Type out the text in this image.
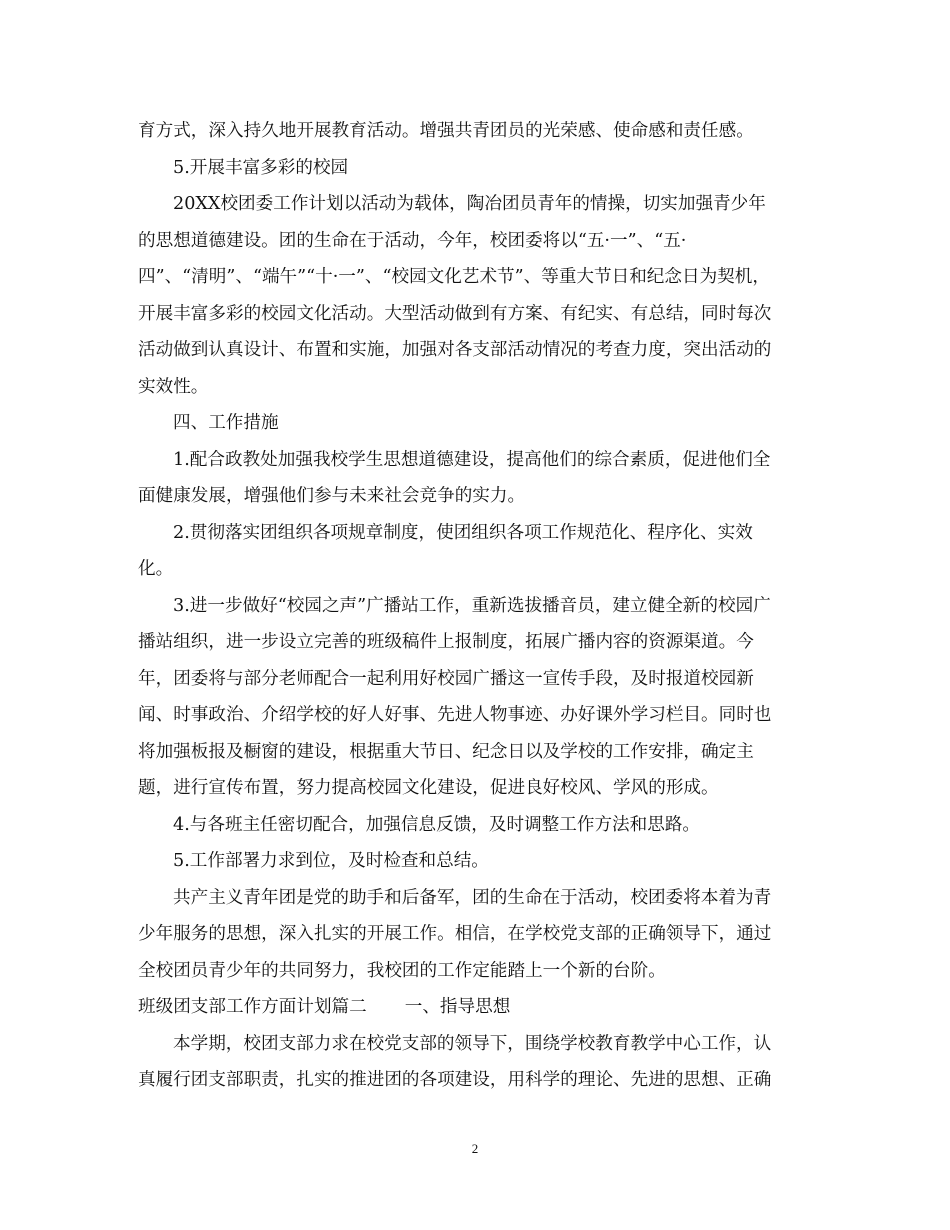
育方式，深入持久地开展教育活动。增强共青团员的光荣感、使命感和责任感。
5.开展丰富多彩的校园
20XX校团委工作计划以活动为载体，陶冶团员青年的情操，切实加强青少年
的思想道德建设。团的生命在于活动，今年，校团委将以“五·一”、“五·
四”、“清明”、“端午”“十·一”、“校园文化艺术节”、等重大节日和纪念日为契机，
开展丰富多彩的校园文化活动。大型活动做到有方案、有纪实、有总结，同时每次
活动做到认真设计、布置和实施，加强对各支部活动情况的考查力度，突出活动的
实效性。
四、工作措施
1.配合政教处加强我校学生思想道德建设，提高他们的综合素质，促进他们全
面健康发展，增强他们参与未来社会竞争的实力。
2.贯彻落实团组织各项规章制度，使团组织各项工作规范化、程序化、实效
化。
3.进一步做好“校园之声”广播站工作，重新选拔播音员，建立健全新的校园广
播站组织，进一步设立完善的班级稿件上报制度，拓展广播内容的资源渠道。今
年，团委将与部分老师配合一起利用好校园广播这一宣传手段，及时报道校园新
闻、时事政治、介绍学校的好人好事、先进人物事迹、办好课外学习栏目。同时也
将加强板报及橱窗的建设，根据重大节日、纪念日以及学校的工作安排，确定主
题，进行宣传布置，努力提高校园文化建设，促进良好校风、学风的形成。
4.与各班主任密切配合，加强信息反馈，及时调整工作方法和思路。
5.工作部署力求到位，及时检查和总结。
共产主义青年团是党的助手和后备军，团的生命在于活动，校团委将本着为青
少年服务的思想，深入扎实的开展工作。相信，在学校党支部的正确领导下，通过
全校团员青少年的共同努力，我校团的工作定能踏上一个新的台阶。
班级团支部工作方面计划篇二 一、指导思想
本学期，校团支部力求在校党支部的领导下，围绕学校教育教学中心工作，认
真履行团支部职责，扎实的推进团的各项建设，用科学的理论、先进的思想、正确
2
